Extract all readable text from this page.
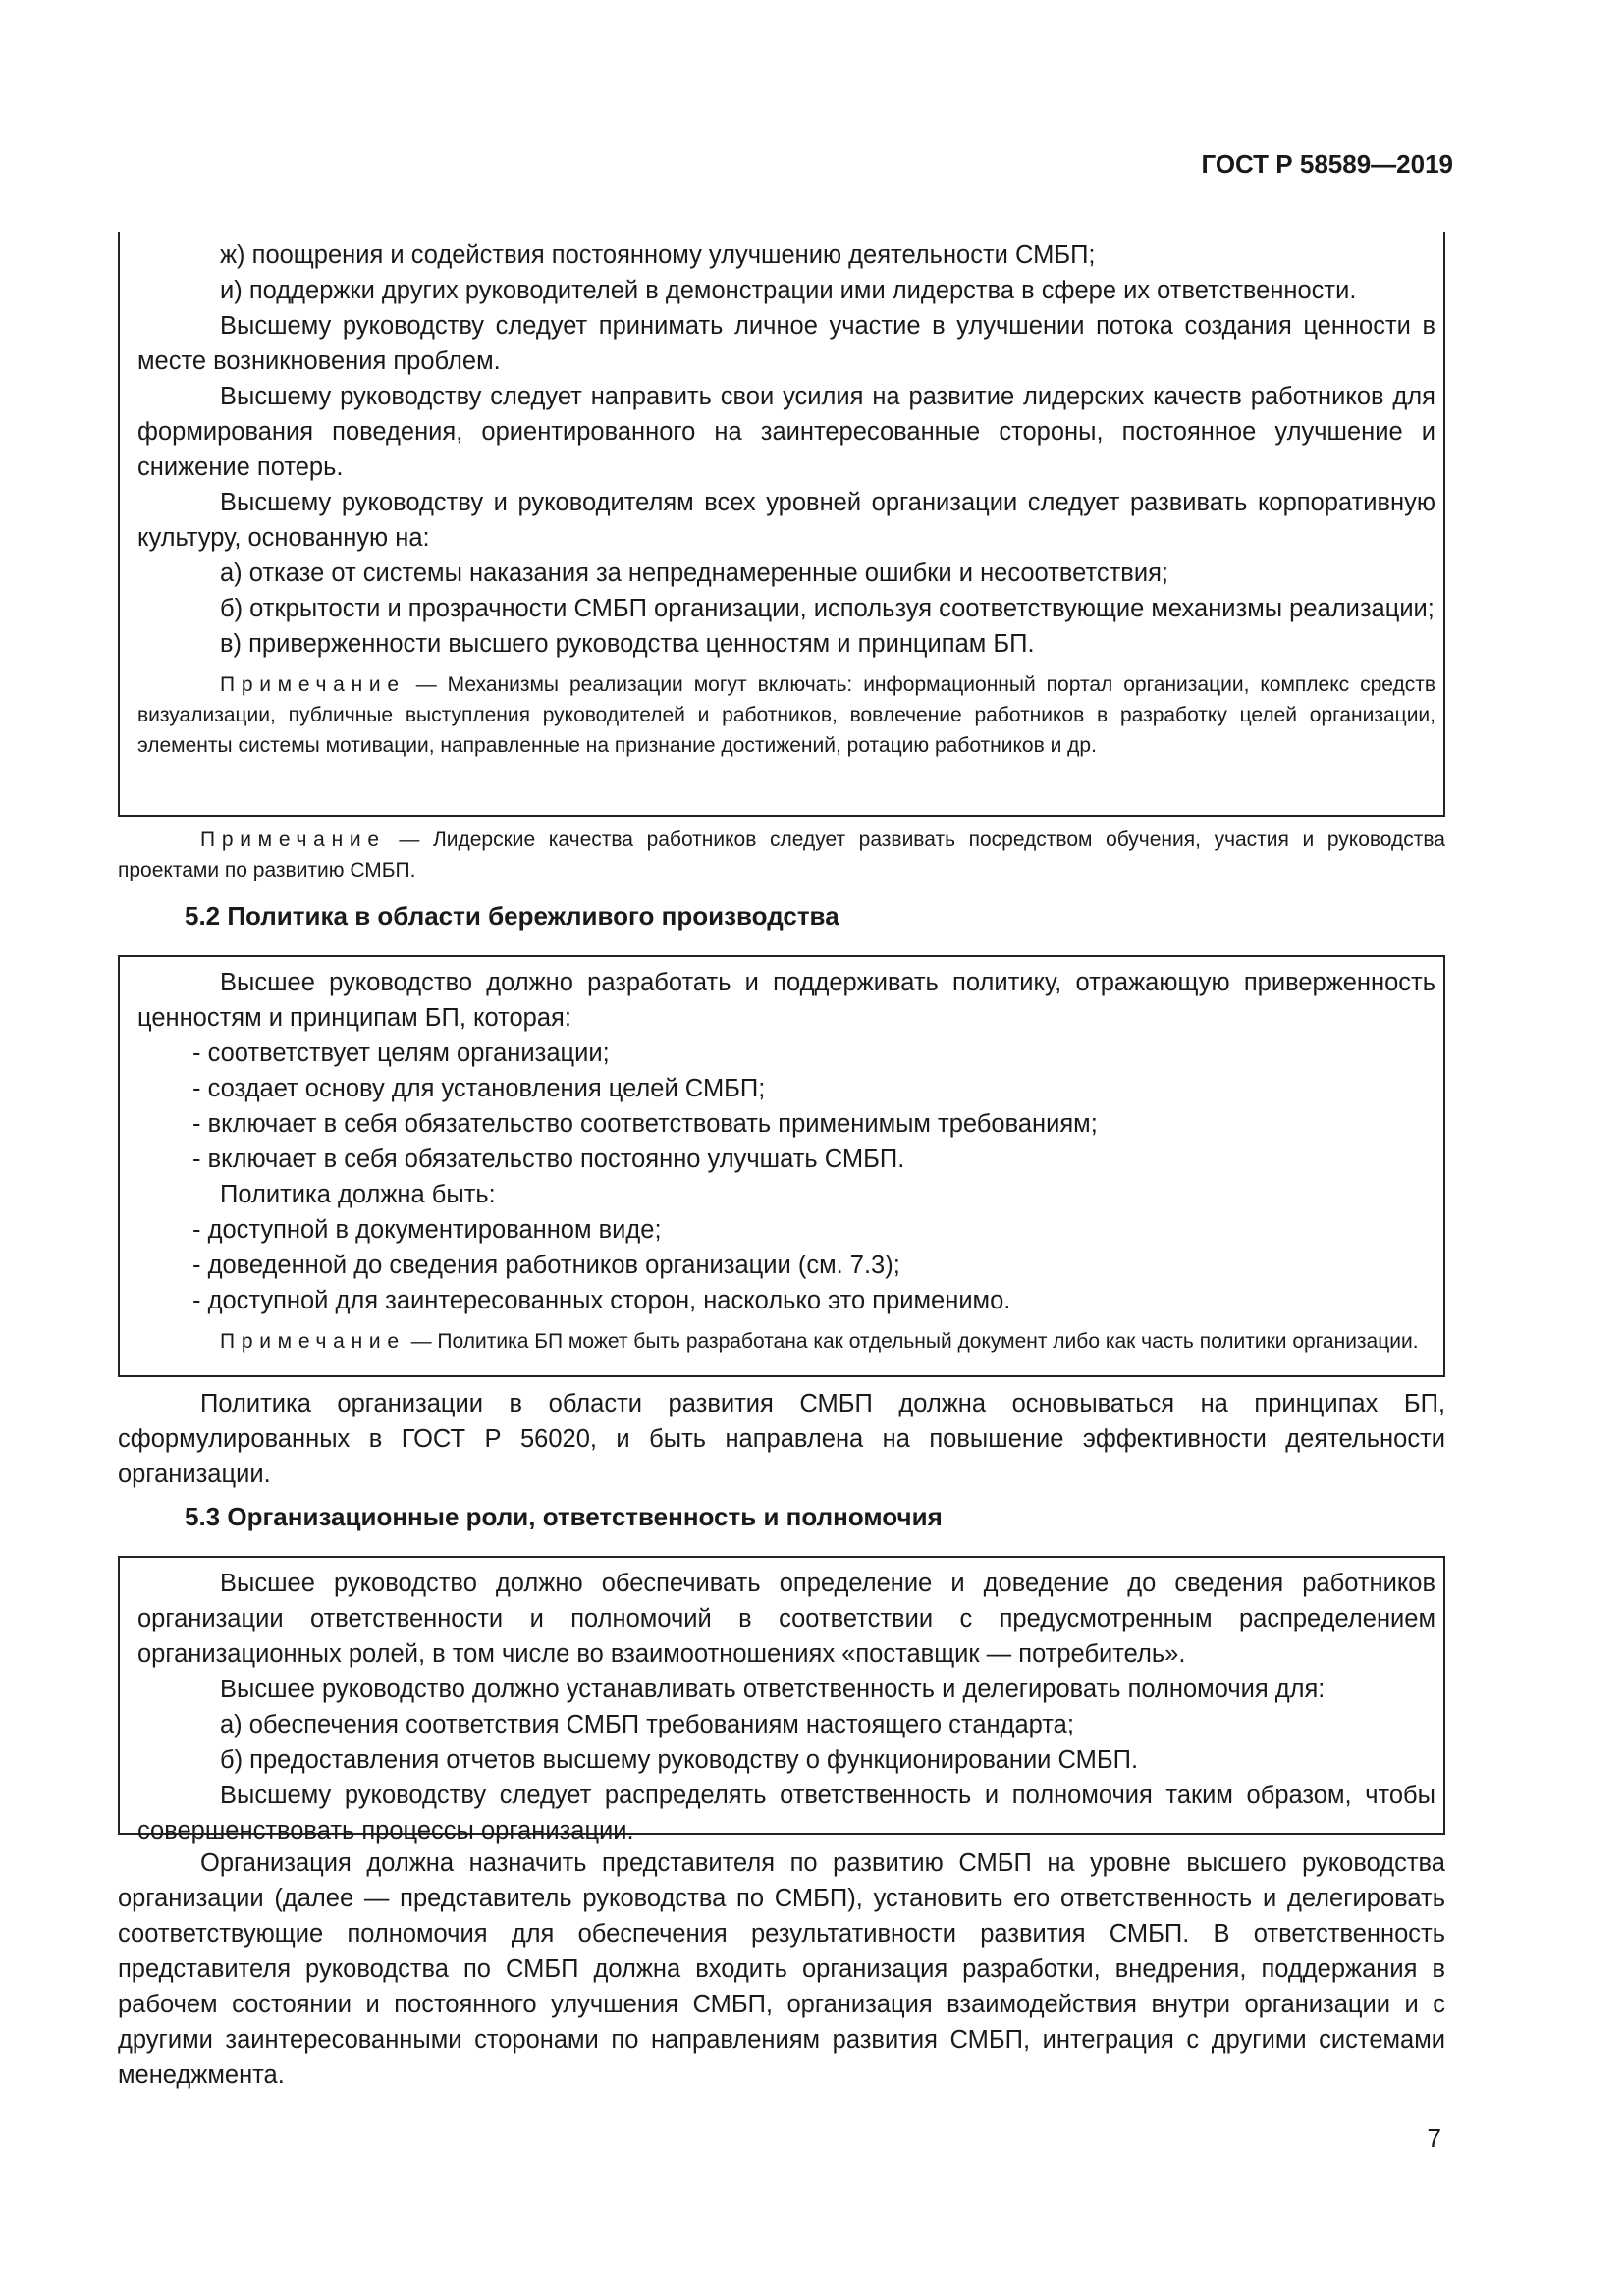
ГОСТ Р 58589—2019

ж) поощрения и содействия постоянному улучшению деятельности СМБП;

и) поддержки других руководителей в демонстрации ими лидерства в сфере их ответственности.

Высшему руководству следует принимать личное участие в улучшении потока создания ценности в месте возникновения проблем.

Высшему руководству следует направить свои усилия на развитие лидерских качеств работников для формирования поведения, ориентированного на заинтересованные стороны, постоянное улучшение и снижение потерь.

Высшему руководству и руководителям всех уровней организации следует развивать корпоративную культуру, основанную на:

а) отказе от системы наказания за непреднамеренные ошибки и несоответствия;

б) открытости и прозрачности СМБП организации, используя соответствующие механизмы реализации;

в) приверженности высшего руководства ценностям и принципам БП.

Примечание — Механизмы реализации могут включать: информационный портал организации, комплекс средств визуализации, публичные выступления руководителей и работников, вовлечение работников в разработку целей организации, элементы системы мотивации, направленные на признание достижений, ротацию работников и др.

Примечание — Лидерские качества работников следует развивать посредством обучения, участия и руководства проектами по развитию СМБП.

5.2 Политика в области бережливого производства

Высшее руководство должно разработать и поддерживать политику, отражающую приверженность ценностям и принципам БП, которая:

- соответствует целям организации;

- создает основу для установления целей СМБП;

- включает в себя обязательство соответствовать применимым требованиям;

- включает в себя обязательство постоянно улучшать СМБП.

Политика должна быть:

- доступной в документированном виде;

- доведенной до сведения работников организации (см. 7.3);

- доступной для заинтересованных сторон, насколько это применимо.

Примечание — Политика БП может быть разработана как отдельный документ либо как часть политики организации.

Политика организации в области развития СМБП должна основываться на принципах БП, сформулированных в ГОСТ Р 56020, и быть направлена на повышение эффективности деятельности организации.

5.3 Организационные роли, ответственность и полномочия

Высшее руководство должно обеспечивать определение и доведение до сведения работников организации ответственности и полномочий в соответствии с предусмотренным распределением организационных ролей, в том числе во взаимоотношениях «поставщик — потребитель».

Высшее руководство должно устанавливать ответственность и делегировать полномочия для:

а) обеспечения соответствия СМБП требованиям настоящего стандарта;

б) предоставления отчетов высшему руководству о функционировании СМБП.

Высшему руководству следует распределять ответственность и полномочия таким образом, чтобы совершенствовать процессы организации.

Организация должна назначить представителя по развитию СМБП на уровне высшего руководства организации (далее — представитель руководства по СМБП), установить его ответственность и делегировать соответствующие полномочия для обеспечения результативности развития СМБП. В ответственность представителя руководства по СМБП должна входить организация разработки, внедрения, поддержания в рабочем состоянии и постоянного улучшения СМБП, организация взаимодействия внутри организации и с другими заинтересованными сторонами по направлениям развития СМБП, интеграция с другими системами менеджмента.

7
